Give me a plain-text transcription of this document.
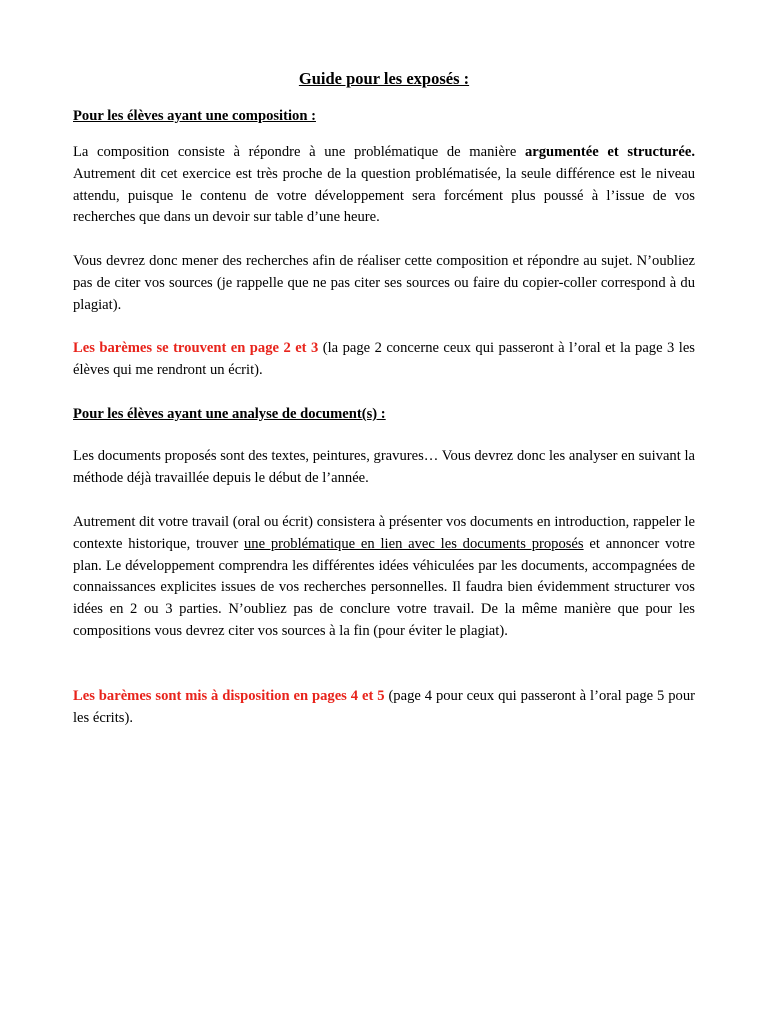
Guide pour les exposés :

Pour les élèves ayant une composition :

La composition consiste à répondre à une problématique de manière argumentée et structurée. Autrement dit cet exercice est très proche de la question problématisée, la seule différence est le niveau attendu, puisque le contenu de votre développement sera forcément plus poussé à l’issue de vos recherches que dans un devoir sur table d’une heure.

Vous devrez donc mener des recherches afin de réaliser cette composition et répondre au sujet. N’oubliez pas de citer vos sources (je rappelle que ne pas citer ses sources ou faire du copier-coller correspond à du plagiat).

Les barèmes se trouvent en page 2 et 3 (la page 2 concerne ceux qui passeront à l’oral et la page 3 les élèves qui me rendront un écrit).

Pour les élèves ayant une analyse de document(s) :

Les documents proposés sont des textes, peintures, gravures… Vous devrez donc les analyser en suivant la méthode déjà travaillée depuis le début de l’année.

Autrement dit votre travail (oral ou écrit) consistera à présenter vos documents en introduction, rappeler le contexte historique, trouver une problématique en lien avec les documents proposés et annoncer votre plan. Le développement comprendra les différentes idées véhiculées par les documents, accompagnées de connaissances explicites issues de vos recherches personnelles. Il faudra bien évidemment structurer vos idées en 2 ou 3 parties. N’oubliez pas de conclure votre travail. De la même manière que pour les compositions vous devrez citer vos sources à la fin (pour éviter le plagiat).

Les barèmes sont mis à disposition en pages 4 et 5 (page 4 pour ceux qui passeront à l’oral page 5 pour les écrits).
